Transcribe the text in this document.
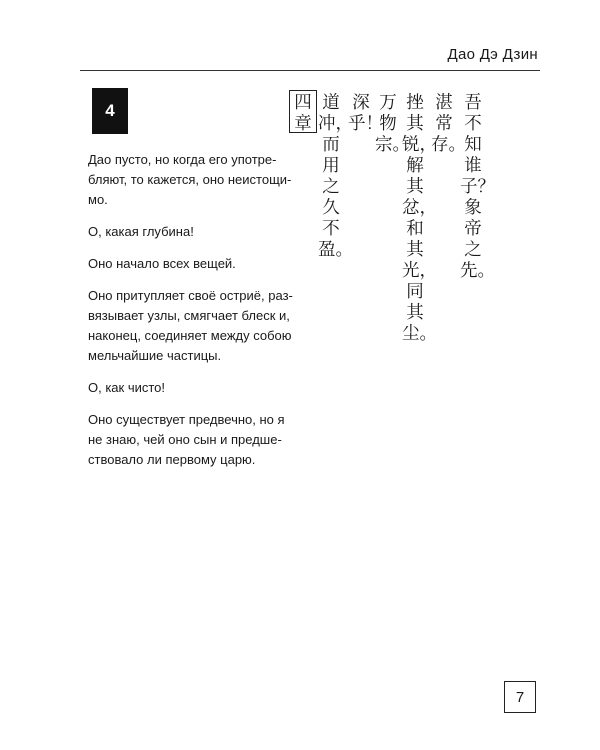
Дао Дэ Дзин
4

Дао пусто, но когда его употребляют, то кажется, оно неистощимо.

О, какая глубина!

Оно начало всех вещей.

Оно притупляет своё остриё, развязывает узлы, смягчает блеск и, наконец, соединяет между собою мельчайшие частицы.

О, как чисто!

Оно существует предвечно, но я не знаю, чей оно сын и предшествовало ли первому царю.

四章
道冲，而用之久不盈。
深乎！
万物宗。
挫其锐，解其忿，和其光，同其尘。
湛常存。
吾不知谁子？象帝之先。
7
